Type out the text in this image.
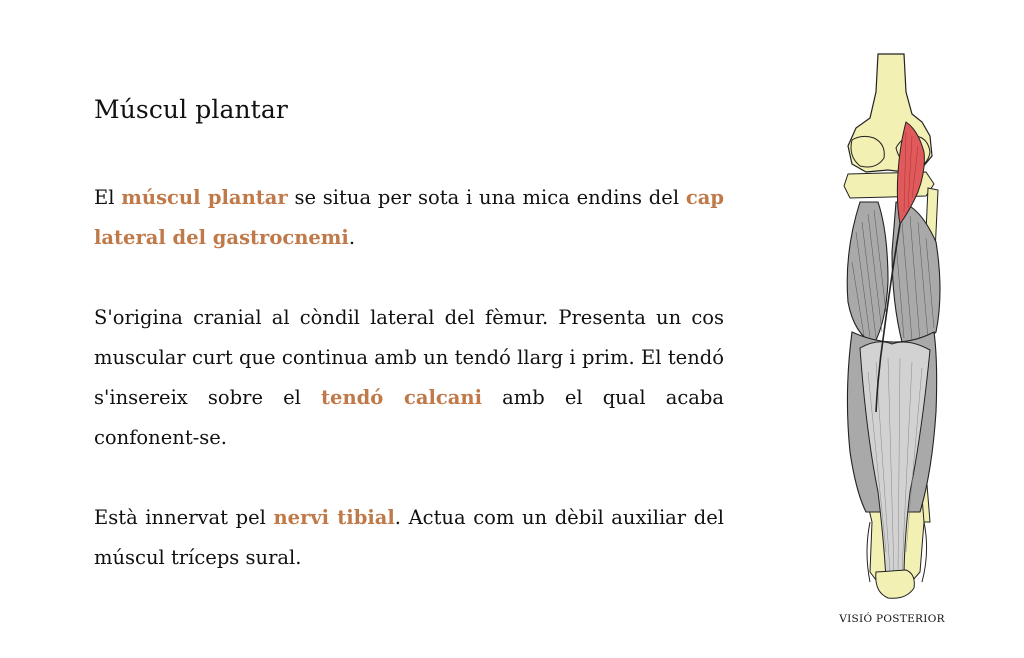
Múscul plantar

El múscul plantar se situa per sota i una mica endins del cap lateral del gastrocnemi.

S'origina cranial al còndil lateral del fèmur. Presenta un cos muscular curt que continua amb un tendó llarg i prim. El tendó s'insereix sobre el tendó calcani amb el qual acaba confonent-se.

Està innervat pel nervi tibial. Actua com un dèbil auxiliar del múscul tríceps sural.

VISIÓ POSTERIOR
